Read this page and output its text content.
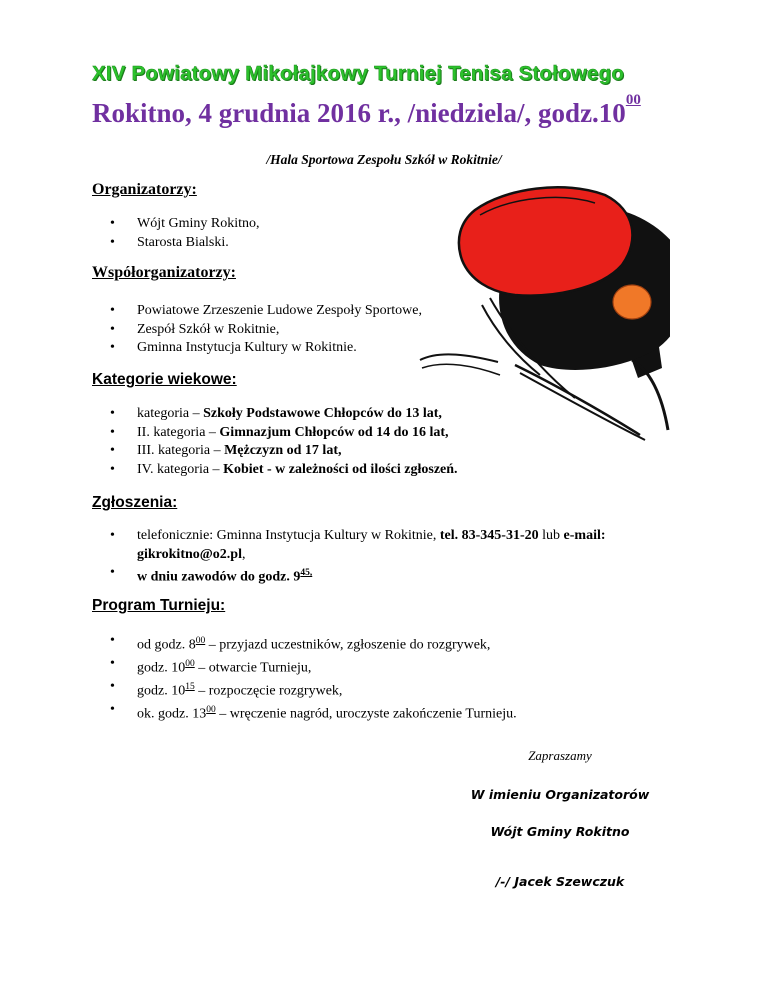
XIV Powiatowy Mikołajkowy Turniej Tenisa Stołowego
Rokitno, 4 grudnia 2016 r., /niedziela/, $godz.10^{00}$
/Hala Sportowa Zespołu Szkół w Rokitnie/
Organizatorzy:
• Wójt Gminy Rokitno,
• Starosta Bialski.
Współorganizatorzy:
• Powiatowe Zrzeszenie Ludowe Zespoły Sportowe,
• Zespół Szkół w Rokitnie,
• Gminna Instytucja Kultury w Rokitnie.
Kategorie wiekowe:
• kategoria – Szkoły Podstawowe Chłopców do 13 lat,
• II. kategoria – Gimnazjum Chłopców od 14 do 16 lat,
• III. kategoria – Mężczyzn od 17 lat,
• IV. kategoria – Kobiet - w zależności od ilości zgłoszeń.
Zgłoszenia:
• telefonicznie: Gminna Instytucja Kultury w Rokitnie, tel. 83-345-31-20 lub e-mail:
gikrokitno@o2.pl,
• w dniu zawodów do godz. $9^{45,}$
Program Turnieju:
• od godz. $8^{00}$ – przyjazd uczestników, zgłoszenie do rozgrywek,
• godz. $10^{00}$ – otwarcie Turnieju,
• godz. $10^{15}$ – rozpoczęcie rozgrywek,
• ok. godz. $13^{00}$ – wręczenie nagród, uroczyste zakończenie Turnieju.
Zapraszamy
W imieniu Organizatorów
Wójt Gminy Rokitno
/-/ Jacek Szewczuk
